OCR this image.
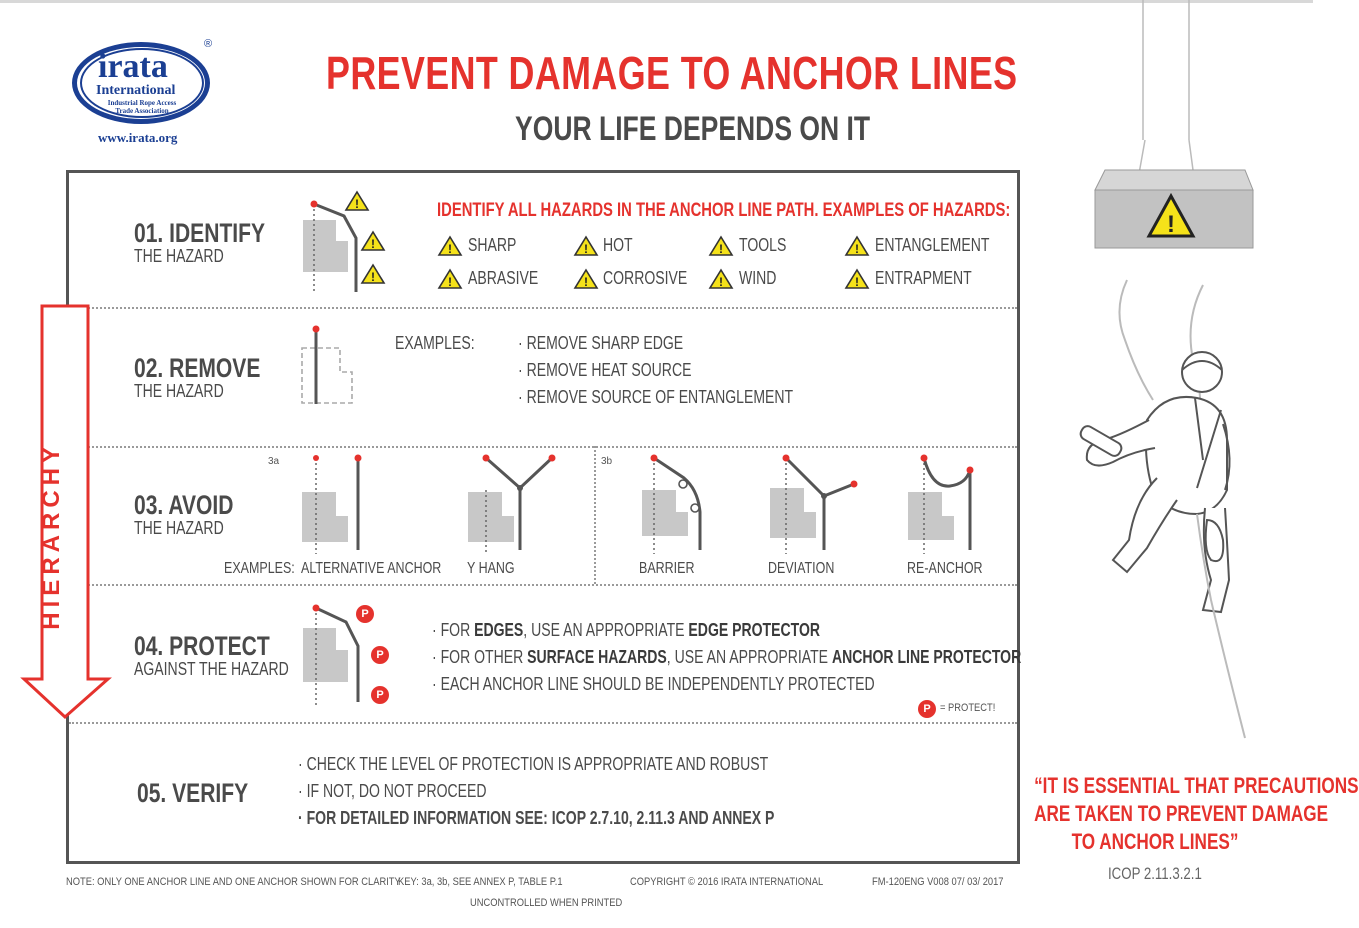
irata
International
Industrial Rope Access Trade Association
®
www.irata.org
PREVENT DAMAGE TO ANCHOR LINES
YOUR LIFE DEPENDS ON IT
HIERARCHY
01. IDENTIFY
THE HAZARD
02. REMOVE
THE HAZARD
03. AVOID
THE HAZARD
04. PROTECT
AGAINST THE HAZARD
05. VERIFY
!
!
!
IDENTIFY ALL HAZARDS IN THE ANCHOR LINE PATH. EXAMPLES OF HAZARDS:
! SHARP	! HOT	! TOOLS	! ENTANGLEMENT
! ABRASIVE	! CORROSIVE	! WIND	! ENTRAPMENT
EXAMPLES: · REMOVE SHARP EDGE
· REMOVE HEAT SOURCE
· REMOVE SOURCE OF ENTANGLEMENT
3a	3b
EXAMPLES: ALTERNATIVE ANCHOR Y HANG	BARRIER	DEVIATION	RE-ANCHOR
P
P
P
· FOR EDGES, USE AN APPROPRIATE EDGE PROTECTOR
· FOR OTHER SURFACE HAZARDS, USE AN APPROPRIATE ANCHOR LINE PROTECTOR
· EACH ANCHOR LINE SHOULD BE INDEPENDENTLY PROTECTED
P = PROTECT!
· CHECK THE LEVEL OF PROTECTION IS APPROPRIATE AND ROBUST
· IF NOT, DO NOT PROCEED
· FOR DETAILED INFORMATION SEE: ICOP 2.7.10, 2.11.3 AND ANNEX P
NOTE: ONLY ONE ANCHOR LINE AND ONE ANCHOR SHOWN FOR CLARITY
KEY: 3a, 3b, SEE ANNEX P, TABLE P.1	COPYRIGHT © 2016 IRATA INTERNATIONAL	FM-120ENG V008 07/ 03/ 2017
UNCONTROLLED WHEN PRINTED
!
“IT IS ESSENTIAL THAT PRECAUTIONS
ARE TAKEN TO PREVENT DAMAGE
TO ANCHOR LINES”
ICOP 2.11.3.2.1
